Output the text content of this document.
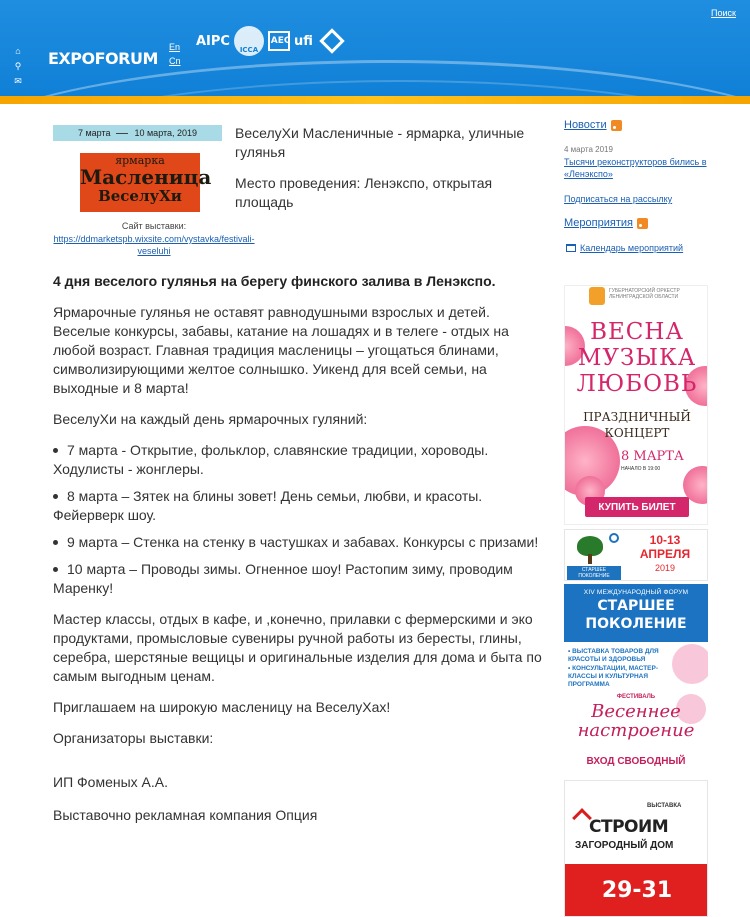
⌂
⚲
✉
EXPOFORUM
En
Cn
AIPC
ICCA
IAEC ufi
Поиск
7 марта	10 марта, 2019
ярмарка
Масленица
ВеселуХи
Сайт выставки:
https://ddmarketspb.wixsite.com/vystavka/festivali-veseluhi
ВеселуХи Масленичные - ярмарка, уличные гулянья
Место проведения: Ленэкспо, открытая площадь
4 дня веселого гулянья на берегу финского залива в Ленэкспо.

Ярмарочные гулянья не оставят равнодушными взрослых и детей. Веселые конкурсы, забавы, катание на лошадях и в телеге - отдых на любой возраст. Главная традиция масленицы – угощаться блинами, символизирующими желтое солнышко. Уикенд для всей семьи, на выходные и 8 марта!

ВеселуХи на каждый день ярмарочных гуляний:

7 марта - Открытие, фольклор, славянские традиции, хороводы. Ходулисты - жонглеры.
8 марта – Зятек на блины зовет! День семьи, любви, и красоты. Фейерверк шоу.
9 марта – Стенка на стенку в частушках и забавах. Конкурсы с призами!
10 марта – Проводы зимы. Огненное шоу! Растопим зиму, проводим Маренку!

Мастер классы, отдых в кафе, и ,конечно, прилавки с фермерскими и эко продуктами, промысловые сувениры ручной работы из бересты, глины, серебра, шерстяные вещицы и оригинальные изделия для дома и быта по самым выгодным ценам.

Приглашаем на широкую масленицу на ВеселуХах!

Организаторы выставки:

ИП Фоменых А.А.

Выставочно рекламная компания Опция

Новости
4 марта 2019
Тысячи реконструкторов бились в «Ленэкспо»
Подписаться на рассылку
Мероприятия
Календарь мероприятий
ГУБЕРНАТОРСКИЙ ОРКЕСТР ЛЕНИНГРАДСКОЙ ОБЛАСТИ
ВЕСНА
МУЗЫКА
ЛЮБОВЬ
ПРАЗДНИЧНЫЙ
КОНЦЕРТ
8 МАРТА
НАЧАЛО В 19:00
КУПИТЬ БИЛЕТ
СТАРШЕЕ ПОКОЛЕНИЕ
10-13
АПРЕЛЯ
2019
XIV МЕЖДУНАРОДНЫЙ ФОРУМ
СТАРШЕЕ
ПОКОЛЕНИЕ
• ВЫСТАВКА ТОВАРОВ ДЛЯ КРАСОТЫ И ЗДОРОВЬЯ
• КОНСУЛЬТАЦИИ, МАСТЕР-КЛАССЫ И КУЛЬТУРНАЯ ПРОГРАММА
ФЕСТИВАЛЬ
Весеннее
настроение
ВХОД СВОБОДНЫЙ
ВЫСТАВКА
СТРОИМ
ЗАГОРОДНЫЙ ДОМ
29-31
